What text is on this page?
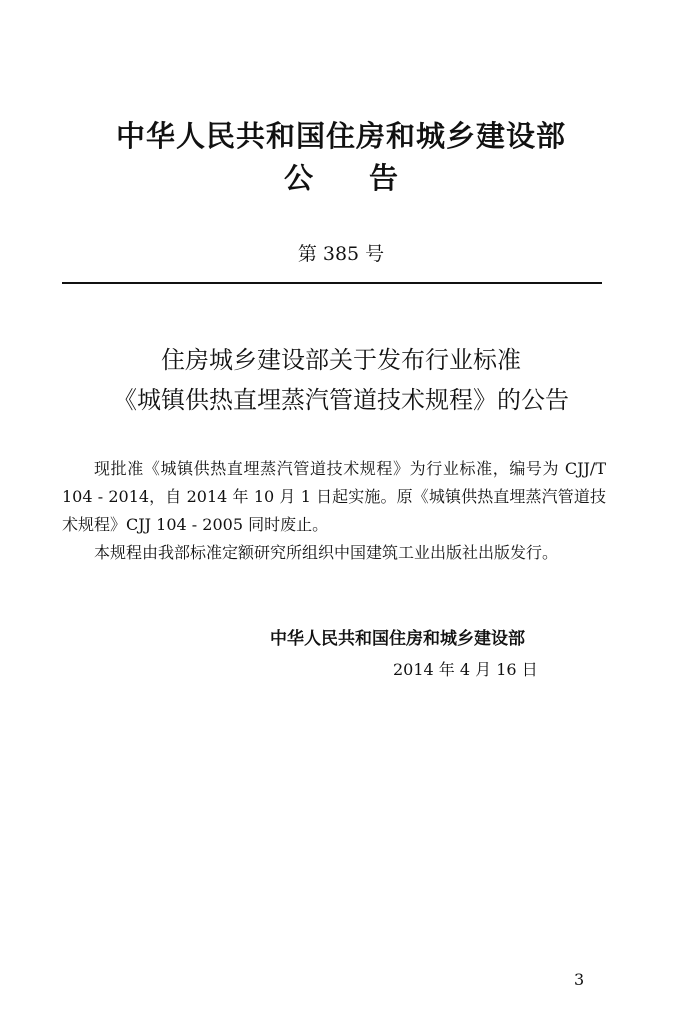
中华人民共和国住房和城乡建设部
公告
第 385 号
住房城乡建设部关于发布行业标准
《城镇供热直埋蒸汽管道技术规程》的公告

现批准《城镇供热直埋蒸汽管道技术规程》为行业标准，编号为 CJJ/T 104 - 2014，自 2014 年 10 月 1 日起实施。原《城镇供热直埋蒸汽管道技术规程》CJJ 104 - 2005 同时废止。

本规程由我部标准定额研究所组织中国建筑工业出版社出版发行。

中华人民共和国住房和城乡建设部
2014 年 4 月 16 日
3
